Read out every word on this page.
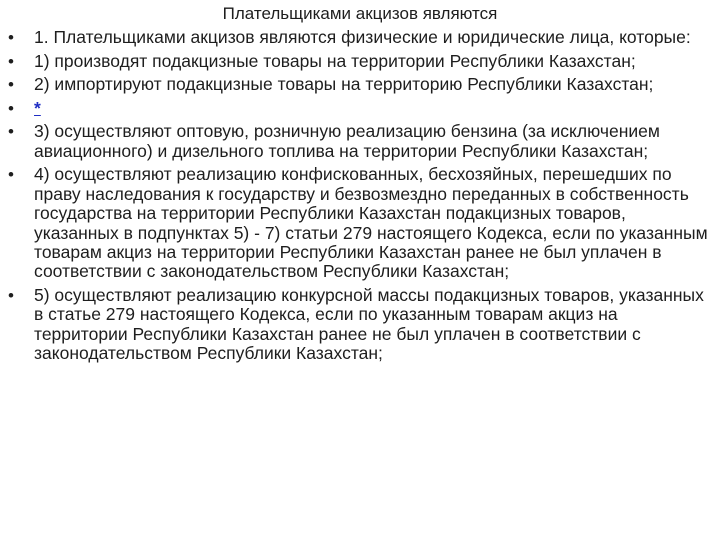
Плательщиками акцизов являются
• 1. Плательщиками акцизов являются физические и юридические лица, которые:
• 1) производят подакцизные товары на территории Республики Казахстан;
• 2) импортируют подакцизные товары на территорию Республики Казахстан;
• *
• 3) осуществляют оптовую, розничную реализацию бензина (за исключением авиационного) и дизельного топлива на территории Республики Казахстан;
• 4) осуществляют реализацию конфискованных, бесхозяйных, перешедших по праву наследования к государству и безвозмездно переданных в собственность государства на территории Республики Казахстан подакцизных товаров, указанных в подпунктах 5) - 7) статьи 279 настоящего Кодекса, если по указанным товарам акциз на территории Республики Казахстан ранее не был уплачен в соответствии с законодательством Республики Казахстан;
• 5) осуществляют реализацию конкурсной массы подакцизных товаров, указанных в статье 279 настоящего Кодекса, если по указанным товарам акциз на территории Республики Казахстан ранее не был уплачен в соответствии с законодательством Республики Казахстан;
